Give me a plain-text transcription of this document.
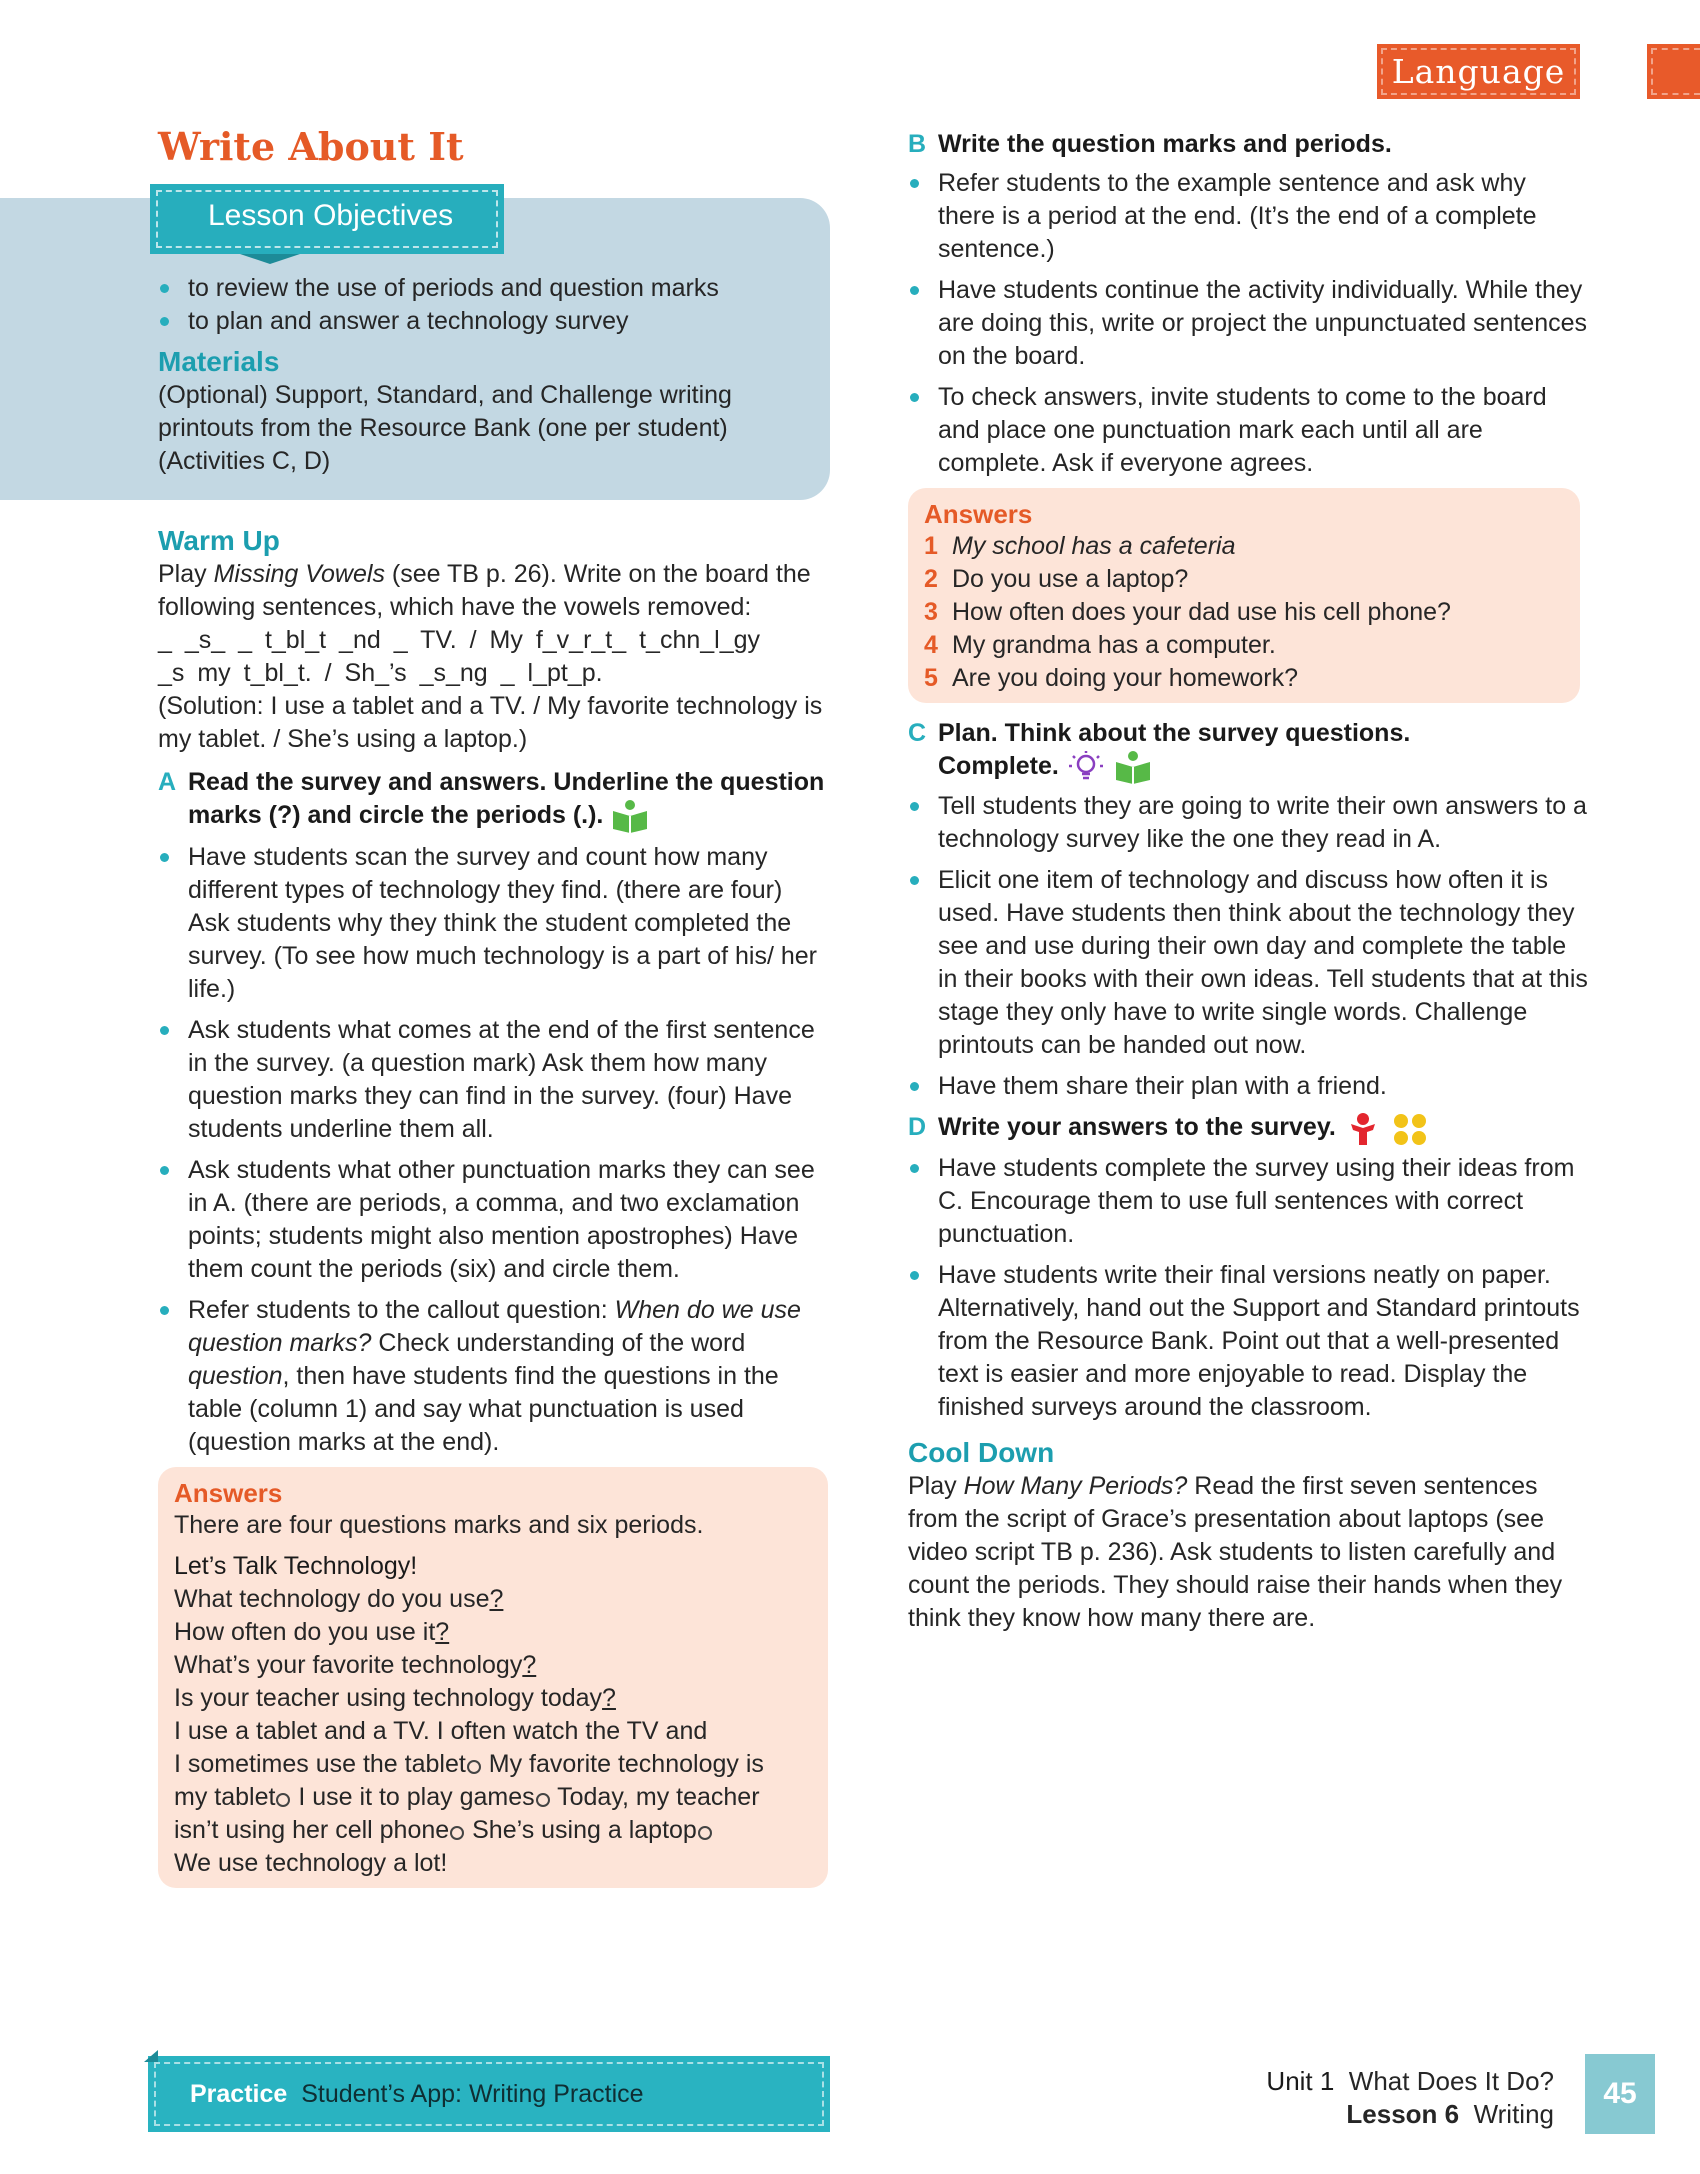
Language
Write About It
Lesson Objectives
to review the use of periods and question marks
to plan and answer a technology survey
Materials
(Optional) Support, Standard, and Challenge writing printouts from the Resource Bank (one per student) (Activities C, D)
Warm Up
Play Missing Vowels (see TB p. 26). Write on the board the following sentences, which have the vowels removed:
_ _s_ _ t_bl_t _nd _ TV. / My f_v_r_t_ t_chn_l_gy
_s my t_bl_t. / Sh_’s _s_ng _ l_pt_p.
(Solution: I use a tablet and a TV. / My favorite technology is my tablet. / She’s using a laptop.)
A Read the survey and answers. Underline the question marks (?) and circle the periods (.).
Have students scan the survey and count how many different types of technology they find. (there are four) Ask students why they think the student completed the survey. (To see how much technology is a part of his/ her life.)
Ask students what comes at the end of the first sentence in the survey. (a question mark) Ask them how many question marks they can find in the survey. (four) Have students underline them all.
Ask students what other punctuation marks they can see in A. (there are periods, a comma, and two exclamation points; students might also mention apostrophes) Have them count the periods (six) and circle them.
Refer students to the callout question: When do we use question marks? Check understanding of the word question, then have students find the questions in the table (column 1) and say what punctuation is used (question marks at the end).
Answers
There are four questions marks and six periods.
Let’s Talk Technology!
What technology do you use?
How often do you use it?
What’s your favorite technology?
Is your teacher using technology today?
I use a tablet and a TV. I often watch the TV and
I sometimes use the tablet My favorite technology is
my tablet I use it to play games Today, my teacher
isn’t using her cell phone She’s using a laptop
We use technology a lot!
B Write the question marks and periods.
Refer students to the example sentence and ask why there is a period at the end. (It’s the end of a complete sentence.)
Have students continue the activity individually. While they are doing this, write or project the unpunctuated sentences on the board.
To check answers, invite students to come to the board and place one punctuation mark each until all are complete. Ask if everyone agrees.
Answers
1 My school has a cafeteria
2 Do you use a laptop?
3 How often does your dad use his cell phone?
4 My grandma has a computer.
5 Are you doing your homework?
C Plan. Think about the survey questions.
Complete.
Tell students they are going to write their own answers to a technology survey like the one they read in A.
Elicit one item of technology and discuss how often it is used. Have students then think about the technology they see and use during their own day and complete the table in their books with their own ideas. Tell students that at this stage they only have to write single words. Challenge printouts can be handed out now.
Have them share their plan with a friend.
D Write your answers to the survey.
Have students complete the survey using their ideas from C. Encourage them to use full sentences with correct punctuation.
Have students write their final versions neatly on paper. Alternatively, hand out the Support and Standard printouts from the Resource Bank. Point out that a well-presented text is easier and more enjoyable to read. Display the finished surveys around the classroom.
Cool Down
Play How Many Periods? Read the first seven sentences from the script of Grace’s presentation about laptops (see video script TB p. 236). Ask students to listen carefully and count the periods. They should raise their hands when they think they know how many there are.
Practice Student’s App: Writing Practice	Unit 1 What Does It Do?
Lesson 6 Writing
45
